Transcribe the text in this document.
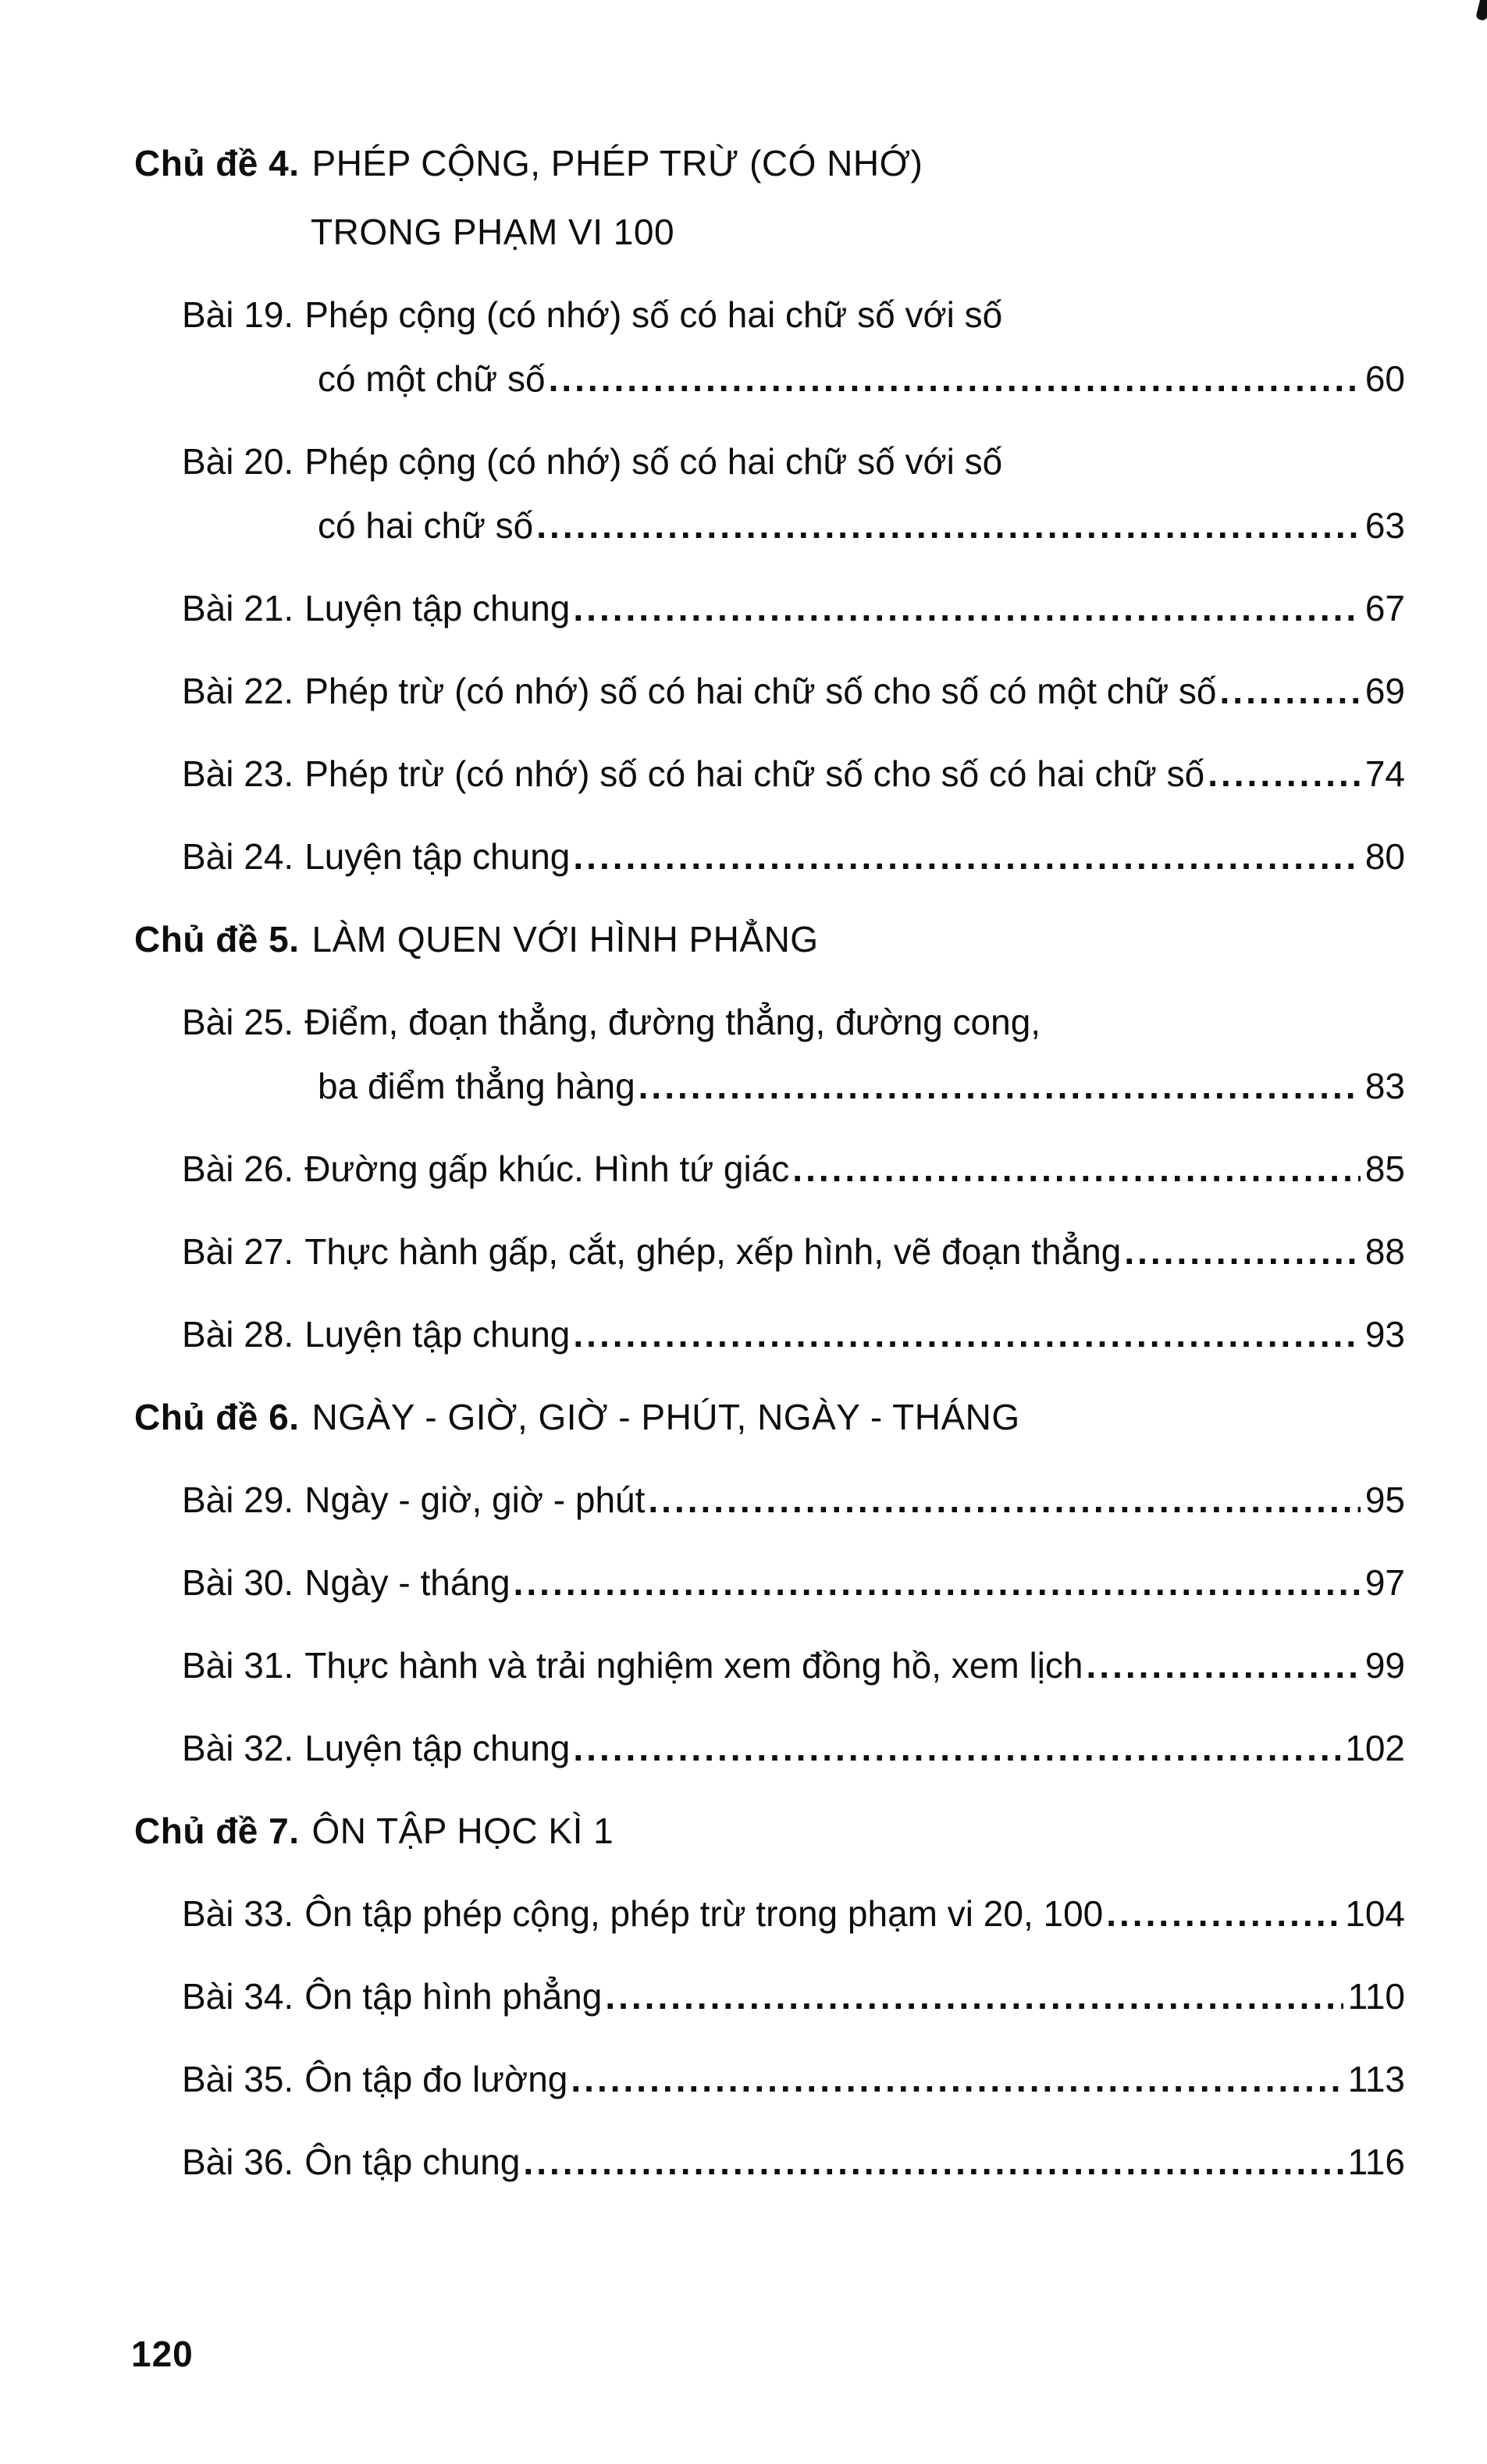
Chủ đề 4. PHÉP CỘNG, PHÉP TRỪ (CÓ NHỚ)
TRONG PHẠM VI 100
Bài 19. Phép cộng (có nhớ) số có hai chữ số với số
có một chữ số .....	60
Bài 20. Phép cộng (có nhớ) số có hai chữ số với số
có hai chữ số .....	63
Bài 21. Luyện tập chung .....	67
Bài 22. Phép trừ (có nhớ) số có hai chữ số cho số có một chữ số .....	69
Bài 23. Phép trừ (có nhớ) số có hai chữ số cho số có hai chữ số .....	74
Bài 24. Luyện tập chung .....	80
Chủ đề 5. LÀM QUEN VỚI HÌNH PHẲNG
Bài 25. Điểm, đoạn thẳng, đường thẳng, đường cong,
ba điểm thẳng hàng .....	83
Bài 26. Đường gấp khúc. Hình tứ giác .....	85
Bài 27. Thực hành gấp, cắt, ghép, xếp hình, vẽ đoạn thẳng .....	88
Bài 28. Luyện tập chung .....	93
Chủ đề 6. NGÀY - GIỜ, GIỜ - PHÚT, NGÀY - THÁNG
Bài 29. Ngày - giờ, giờ - phút .....	95
Bài 30. Ngày - tháng .....	97
Bài 31. Thực hành và trải nghiệm xem đồng hồ, xem lịch .....	99
Bài 32. Luyện tập chung .....	102
Chủ đề 7. ÔN TẬP HỌC KÌ 1
Bài 33. Ôn tập phép cộng, phép trừ trong phạm vi 20, 100 .....	104
Bài 34. Ôn tập hình phẳng .....	110
Bài 35. Ôn tập đo lường .....	113
Bài 36. Ôn tập chung .....	116
120
